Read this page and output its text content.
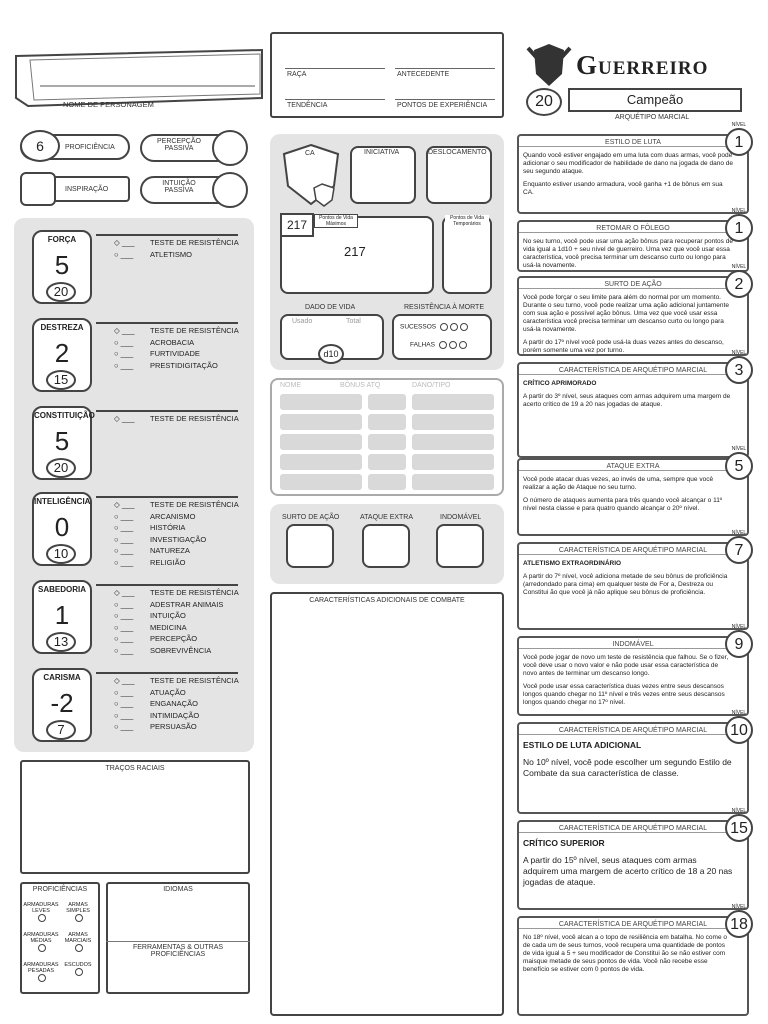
NOME DE PERSONAGEM
RAÇA	ANTECEDENTE
TENDÊNCIA	PONTOS DE EXPERIÊNCIA
Guerreiro
20	Campeão
ARQUÉTIPO MARCIAL
6	PROFICIÊNCIA
PERCEPÇÃO PASSIVA
INSPIRAÇÃO
INTUIÇÃO PASSIVA
FORÇA
5
20
◇ ___ TESTE DE RESISTÊNCIA
○ ___ ATLETISMO
DESTREZA
2
15
◇ ___ TESTE DE RESISTÊNCIA
○ ___ ACROBACIA
○ ___ FURTIVIDADE
○ ___ PRESTIDIGITAÇÃO
CONSTITUIÇÃO
5
20
◇ ___ TESTE DE RESISTÊNCIA
INTELIGÊNCIA
0
10
◇ ___ TESTE DE RESISTÊNCIA
○ ___ ARCANISMO
○ ___ HISTÓRIA
○ ___ INVESTIGAÇÃO
○ ___ NATUREZA
○ ___ RELIGIÃO
SABEDORIA
1
13
◇ ___ TESTE DE RESISTÊNCIA
○ ___ ADESTRAR ANIMAIS
○ ___ INTUIÇÃO
○ ___ MEDICINA
○ ___ PERCEPÇÃO
○ ___ SOBREVIVÊNCIA
CARISMA
-2
7
◇ ___ TESTE DE RESISTÊNCIA
○ ___ ATUAÇÃO
○ ___ ENGANAÇÃO
○ ___ INTIMIDAÇÃO
○ ___ PERSUASÃO
CA	INICIATIVA	DESLOCAMENTO
217	Pontos de Vida Máximos
217
Pontos de Vida Temporários
DADO DE VIDA
Usado	Total
d10
RESISTÊNCIA À MORTE
SUCESSOS
FALHAS
NOME	BÔNUS ATQ	DANO/TIPO
SURTO DE AÇÃO	ATAQUE EXTRA	INDOMÁVEL
CARACTERÍSTICAS ADICIONAIS DE COMBATE
TRAÇOS RACIAIS
PROFICIÊNCIAS
ARMADURAS LEVES
ARMAS SIMPLES
ARMADURAS MÉDIAS
ARMAS MARCIAIS
ARMADURAS PESADAS
ESCUDOS
IDIOMAS
FERRAMENTAS & OUTRAS PROFICIÊNCIAS
ESTILO DE LUTA
NÍVEL
1

Quando você estiver engajado em uma luta com duas armas, você pode adicionar o seu modificador de habilidade de dano na jogada de dano de seu segundo ataque.

Enquanto estiver usando armadura, você ganha +1 de bônus em sua CA.

RETOMAR O FÔLEGO
NÍVEL
1

No seu turno, você pode usar uma ação bônus para recuperar pontos de vida igual a 1d10 + seu nível de guerreiro. Uma vez que você usar essa característica, você precisa terminar um descanso curto ou longo para usá-la novamente.

SURTO DE AÇÃO
NÍVEL
2

Você pode forçar o seu limite para além do normal por um momento. Durante o seu turno, você pode realizar uma ação adicional juntamente com sua ação e possível ação bônus. Uma vez que você usar essa característica você precisa terminar um descanso curto ou longo para usá-la novamente.

A partir do 17º nível você pode usá-la duas vezes antes do descanso, porém somente uma vez por turno.

CARACTERÍSTICA DE ARQUÉTIPO MARCIAL
NÍVEL
3

CRÍTICO APRIMORADO

A partir do 3º nível, seus ataques com armas adquirem uma margem de acerto crítico de 19 a 20 nas jogadas de ataque.

ATAQUE EXTRA
NÍVEL
5

Você pode atacar duas vezes, ao invés de uma, sempre que você realizar a ação de Ataque no seu turno.

O número de ataques aumenta para três quando você alcançar o 11º nível nesta classe e para quatro quando alcançar o 20º nível.

CARACTERÍSTICA DE ARQUÉTIPO MARCIAL
NÍVEL
7

ATLETISMO EXTRAORDINÁRIO

A partir do 7º nível, você adiciona metade de seu bônus de proficiência (arredondado para cima) em qualquer teste de For a, Destreza ou Constitui ão que você já não aplique seu bônus de proficiência.

INDOMÁVEL
NÍVEL
9

Você pode jogar de novo um teste de resistência que falhou. Se o fizer, você deve usar o novo valor e não pode usar essa característica de novo antes de terminar um descanso longo.

Você pode usar essa característica duas vezes entre seus descansos longos quando chegar no 11º nível e três vezes entre seus descansos longos quando chegar no 17º nível.

CARACTERÍSTICA DE ARQUÉTIPO MARCIAL
NÍVEL
10

ESTILO DE LUTA ADICIONAL

No 10º nível, você pode escolher um segundo Estilo de Combate da sua característica de classe.

CARACTERÍSTICA DE ARQUÉTIPO MARCIAL
NÍVEL
15

CRÍTICO SUPERIOR

A partir do 15º nível, seus ataques com armas adquirem uma margem de acerto crítico de 18 a 20 nas jogadas de ataque.

CARACTERÍSTICA DE ARQUÉTIPO MARCIAL
NÍVEL
18

No 18º nível, você alcan a o topo de resiliência em batalha. No come o de cada um de seus turnos, você recupera uma quantidade de pontos de vida igual a 5 + seu modificador de Constitui ão se não estiver com maisque metade de seus pontos de vida. Você não recebe esse benefício se estiver com 0 pontos de vida.
